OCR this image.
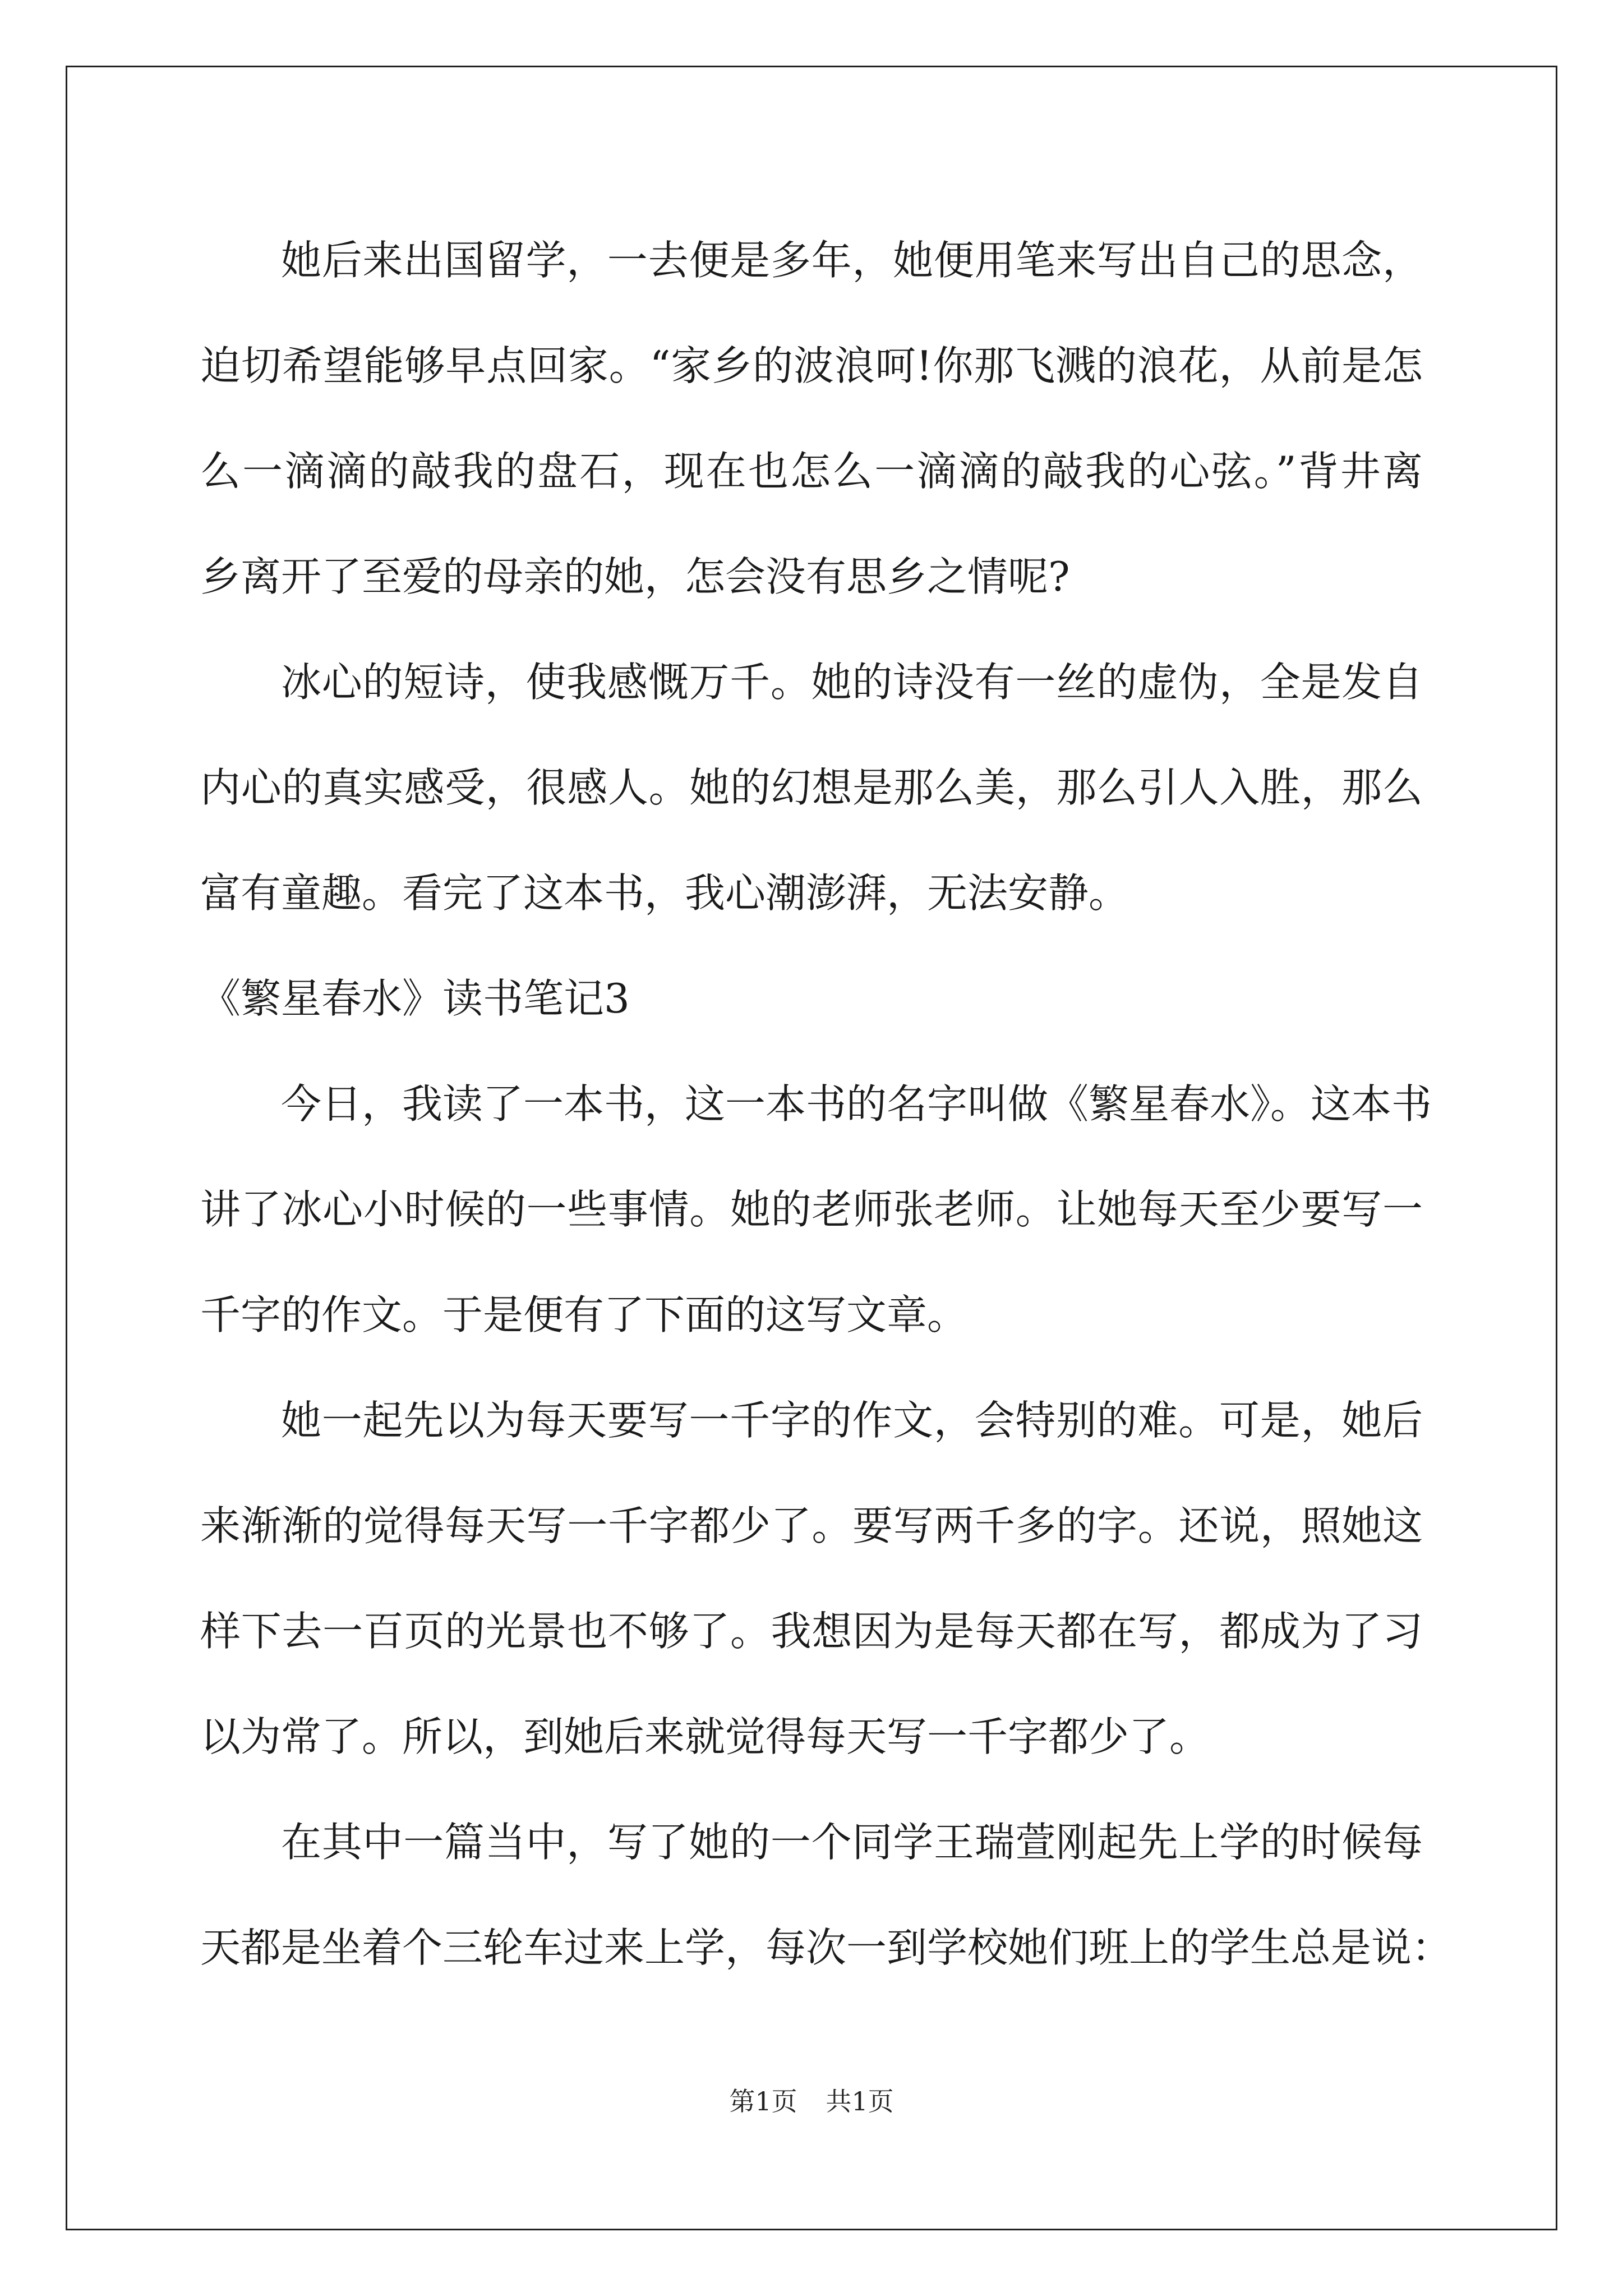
她后来出国留学，一去便是多年，她便用笔来写出自己的思念，
迫切希望能够早点回家。“家乡的波浪呵!你那飞溅的浪花，从前是怎
么一滴滴的敲我的盘石，现在也怎么一滴滴的敲我的心弦。”背井离
乡离开了至爱的母亲的她，怎会没有思乡之情呢?
冰心的短诗，使我感慨万千。她的诗没有一丝的虚伪，全是发自
内心的真实感受，很感人。她的幻想是那么美，那么引人入胜，那么
富有童趣。看完了这本书，我心潮澎湃，无法安静。
《繁星春水》读书笔记3
今日，我读了一本书，这一本书的名字叫做《繁星春水》。这本书
讲了冰心小时候的一些事情。她的老师张老师。让她每天至少要写一
千字的作文。于是便有了下面的这写文章。
她一起先以为每天要写一千字的作文，会特别的难。可是，她后
来渐渐的觉得每天写一千字都少了。要写两千多的字。还说，照她这
样下去一百页的光景也不够了。我想因为是每天都在写，都成为了习
以为常了。所以，到她后来就觉得每天写一千字都少了。
在其中一篇当中，写了她的一个同学王瑞萱刚起先上学的时候每
天都是坐着个三轮车过来上学，每次一到学校她们班上的学生总是说：
第1页 共1页
